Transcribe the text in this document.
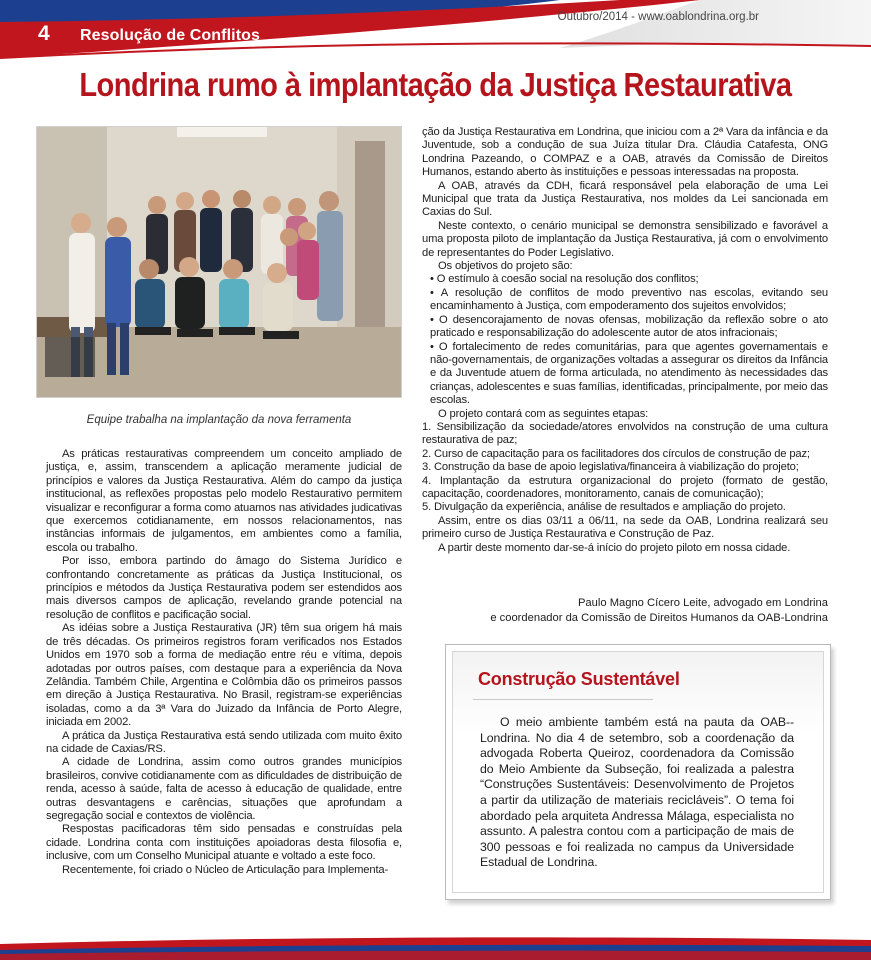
4 Resolução de Conflitos
Outubro/2014 - www.oablondrina.org.br
Londrina rumo à implantação da Justiça Restaurativa
Equipe trabalha na implantação da nova ferramenta

As práticas restaurativas compreendem um conceito ampliado de justiça, e, assim, transcendem a aplicação meramente judicial de princípios e valores da Justiça Restaurativa. Além do campo da justiça institucional, as reflexões propostas pelo modelo Restaurativo permitem visualizar e reconfigurar a forma como atuamos nas atividades judicativas que exercemos cotidianamente, em nossos relacionamentos, nas instâncias informais de julgamentos, em ambientes como a família, escola ou trabalho.

Por isso, embora partindo do âmago do Sistema Jurídico e confrontando concretamente as práticas da Justiça Institucional, os princípios e métodos da Justiça Restaurativa podem ser estendidos aos mais diversos campos de aplicação, revelando grande potencial na resolução de conflitos e pacificação social.

As idéias sobre a Justiça Restaurativa (JR) têm sua origem há mais de três décadas. Os primeiros registros foram verificados nos Estados Unidos em 1970 sob a forma de mediação entre réu e vítima, depois adotadas por outros países, com destaque para a experiência da Nova Zelândia. Também Chile, Argentina e Colômbia dão os primeiros passos em direção à Justiça Restaurativa. No Brasil, registram-se experiências isoladas, como a da 3ª Vara do Juizado da Infância de Porto Alegre, iniciada em 2002.

A prática da Justiça Restaurativa está sendo utilizada com muito êxito na cidade de Caxias/RS.

A cidade de Londrina, assim como outros grandes municípios brasileiros, convive cotidianamente com as dificuldades de distribuição de renda, acesso à saúde, falta de acesso à educação de qualidade, entre outras desvantagens e carências, situações que aprofundam a segregação social e contextos de violência.

Respostas pacificadoras têm sido pensadas e construídas pela cidade. Londrina conta com instituições apoiadoras desta filosofia e, inclusive, com um Conselho Municipal atuante e voltado a este foco.

Recentemente, foi criado o Núcleo de Articulação para Implementa-

ção da Justiça Restaurativa em Londrina, que iniciou com a 2ª Vara da infância e da Juventude, sob a condução de sua Juíza titular Dra. Cláudia Catafesta, ONG Londrina Pazeando, o COMPAZ e a OAB, através da Comissão de Direitos Humanos, estando aberto às instituições e pessoas interessadas na proposta.

A OAB, através da CDH, ficará responsável pela elaboração de uma Lei Municipal que trata da Justiça Restaurativa, nos moldes da Lei sancionada em Caxias do Sul.

Neste contexto, o cenário municipal se demonstra sensibilizado e favorável a uma proposta piloto de implantação da Justiça Restaurativa, já com o envolvimento de representantes do Poder Legislativo.

Os objetivos do projeto são:

• O estímulo à coesão social na resolução dos conflitos;

• A resolução de conflitos de modo preventivo nas escolas, evitando seu encaminhamento à Justiça, com empoderamento dos sujeitos envolvidos;

• O desencorajamento de novas ofensas, mobilização da reflexão sobre o ato praticado e responsabilização do adolescente autor de atos infracionais;

• O fortalecimento de redes comunitárias, para que agentes governamentais e não-governamentais, de organizações voltadas a assegurar os direitos da Infância e da Juventude atuem de forma articulada, no atendimento às necessidades das crianças, adolescentes e suas famílias, identificadas, principalmente, por meio das escolas.

O projeto contará com as seguintes etapas:

1. Sensibilização da sociedade/atores envolvidos na construção de uma cultura restaurativa de paz;

2. Curso de capacitação para os facilitadores dos círculos de construção de paz;

3. Construção da base de apoio legislativa/financeira à viabilização do projeto;

4. Implantação da estrutura organizacional do projeto (formato de gestão, capacitação, coordenadores, monitoramento, canais de comunicação);

5. Divulgação da experiência, análise de resultados e ampliação do projeto.

Assim, entre os dias 03/11 a 06/11, na sede da OAB, Londrina realizará seu primeiro curso de Justiça Restaurativa e Construção de Paz.

A partir deste momento dar-se-á início do projeto piloto em nossa cidade.

Paulo Magno Cícero Leite, advogado em Londrina
e coordenador da Comissão de Direitos Humanos da OAB-Londrina
Construção Sustentável
O meio ambiente também está na pauta da OAB--Londrina. No dia 4 de setembro, sob a coordenação da advogada Roberta Queiroz, coordenadora da Comissão do Meio Ambiente da Subseção, foi realizada a palestra “Construções Sustentáveis: Desenvolvimento de Projetos a partir da utilização de materiais recicláveis”. O tema foi abordado pela arquiteta Andressa Málaga, especialista no assunto. A palestra contou com a participação de mais de 300 pessoas e foi realizada no campus da Universidade Estadual de Londrina.
